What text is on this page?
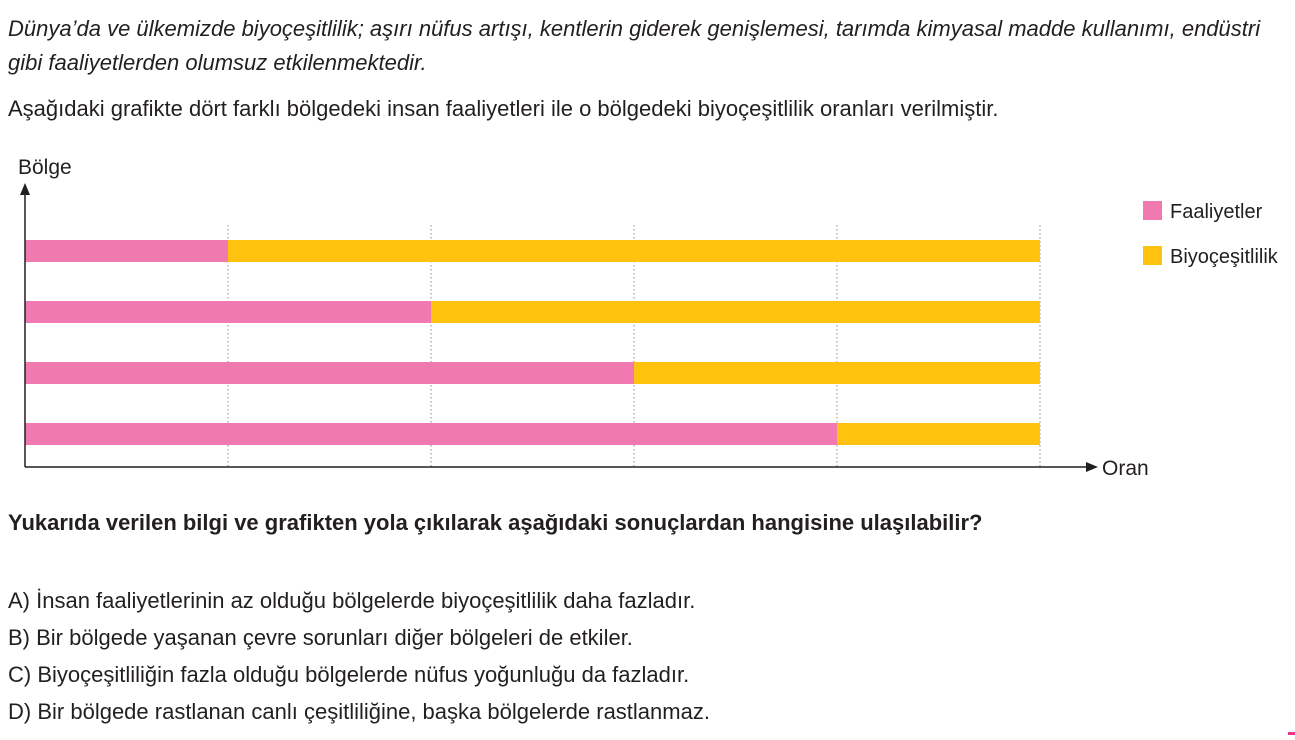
Dünya’da ve ülkemizde biyoçeşitlilik; aşırı nüfus artışı, kentlerin giderek genişlemesi, tarımda kimyasal madde kullanımı, endüstri gibi faaliyetlerden olumsuz etkilenmektedir.

Aşağıdaki grafikte dört farklı bölgedeki insan faaliyetleri ile o bölgedeki biyoçeşitlilik oranları verilmiştir.

Bölge
Oran
Faaliyetler
Biyoçeşitlilik

Yukarıda verilen bilgi ve grafikten yola çıkılarak aşağıdaki sonuçlardan hangisine ulaşılabilir?

A) İnsan faaliyetlerinin az olduğu bölgelerde biyoçeşitlilik daha fazladır.
B) Bir bölgede yaşanan çevre sorunları diğer bölgeleri de etkiler.
C) Biyoçeşitliliğin fazla olduğu bölgelerde nüfus yoğunluğu da fazladır.
D) Bir bölgede rastlanan canlı çeşitliliğine, başka bölgelerde rastlanmaz.
